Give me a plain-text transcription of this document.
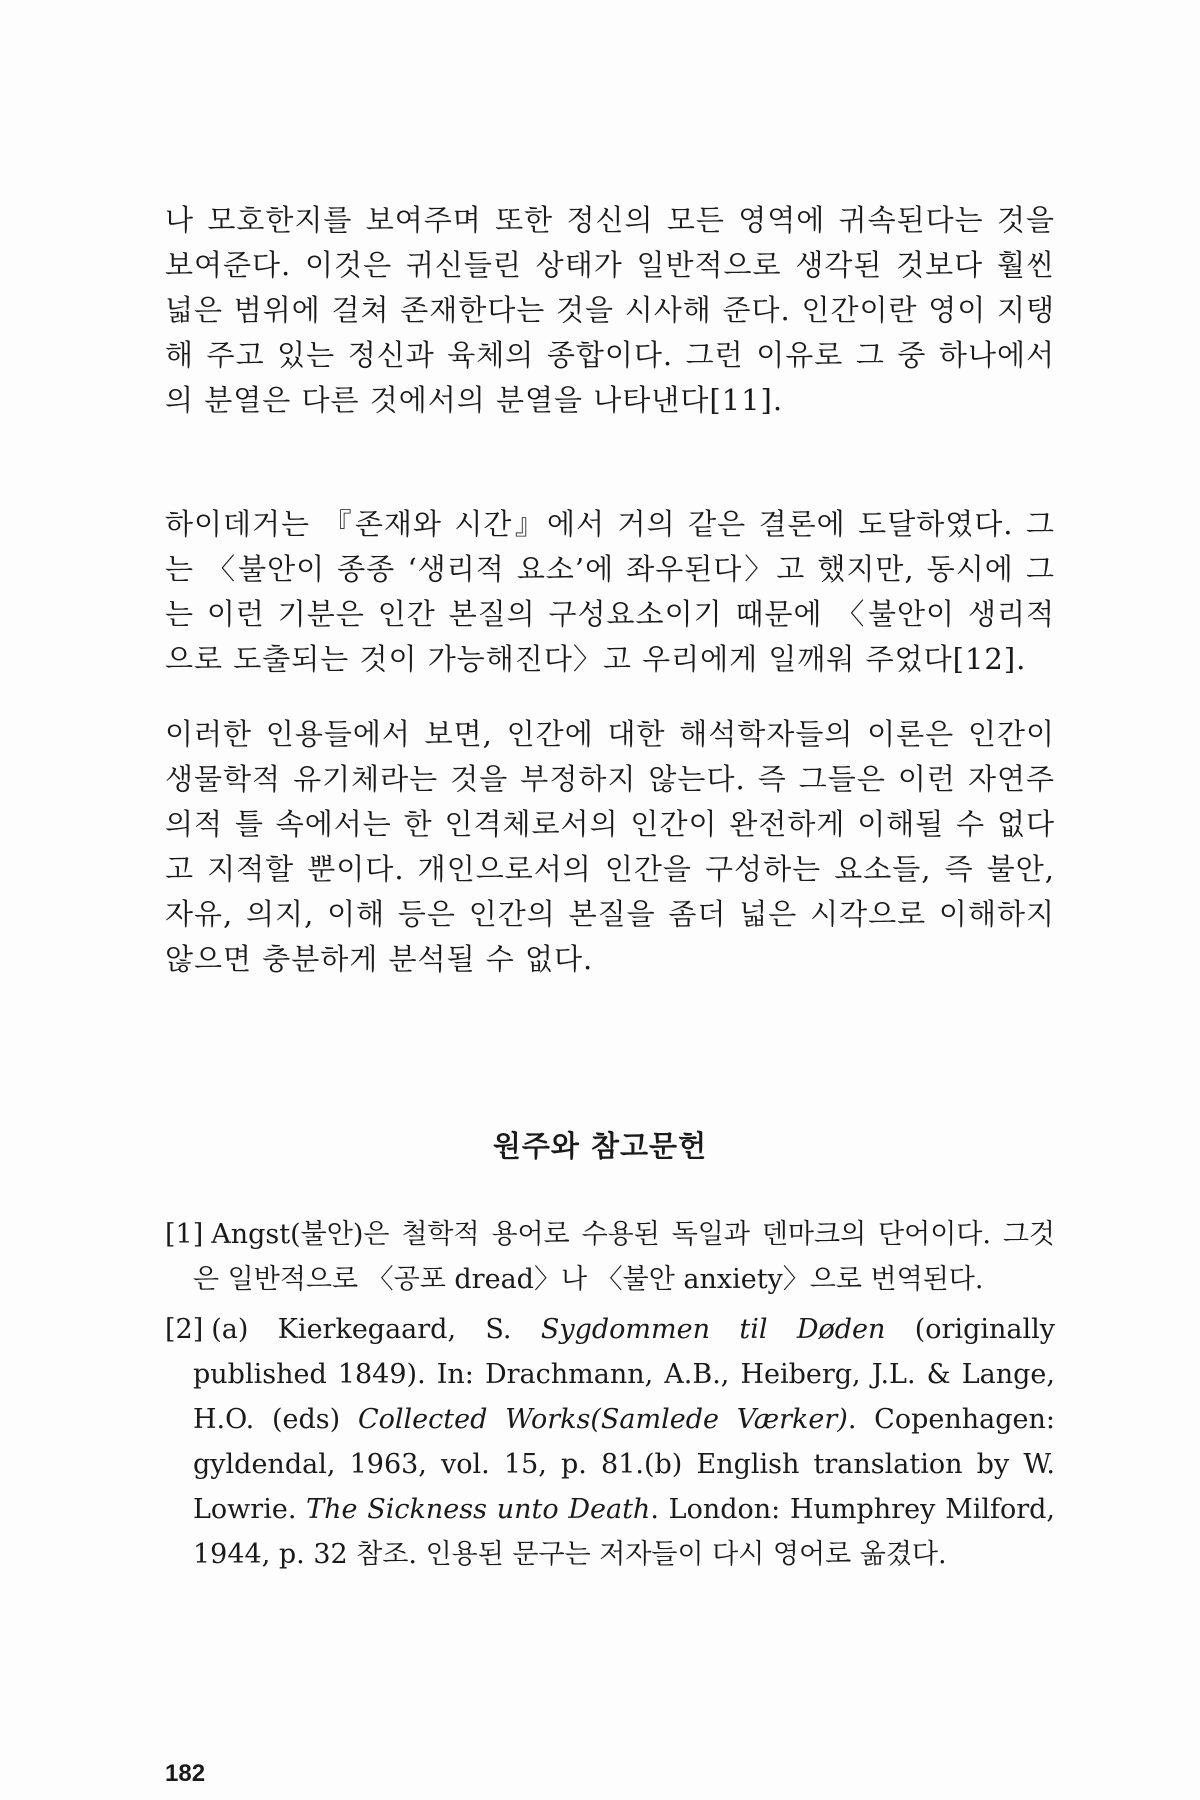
나 모호한지를 보여주며 또한 정신의 모든 영역에 귀속된다는 것을 보여준다. 이것은 귀신들린 상태가 일반적으로 생각된 것보다 훨씬 넓은 범위에 걸쳐 존재한다는 것을 시사해 준다. 인간이란 영이 지탱해 주고 있는 정신과 육체의 종합이다. 그런 이유로 그 중 하나에서의 분열은 다른 것에서의 분열을 나타낸다[11].

하이데거는 『존재와 시간』에서 거의 같은 결론에 도달하였다. 그는 〈불안이 종종 ‘생리적 요소’에 좌우된다〉고 했지만, 동시에 그는 이런 기분은 인간 본질의 구성요소이기 때문에 〈불안이 생리적으로 도출되는 것이 가능해진다〉고 우리에게 일깨워 주었다[12].

이러한 인용들에서 보면, 인간에 대한 해석학자들의 이론은 인간이 생물학적 유기체라는 것을 부정하지 않는다. 즉 그들은 이런 자연주의적 틀 속에서는 한 인격체로서의 인간이 완전하게 이해될 수 없다고 지적할 뿐이다. 개인으로서의 인간을 구성하는 요소들, 즉 불안, 자유, 의지, 이해 등은 인간의 본질을 좀더 넓은 시각으로 이해하지 않으면 충분하게 분석될 수 없다.

원주와 참고문헌
[1] Angst(불안)은 철학적 용어로 수용된 독일과 덴마크의 단어이다. 그것은 일반적으로 〈공포 dread〉나 〈불안 anxiety〉으로 번역된다.
[2] (a) Kierkegaard, S. Sygdommen til Døden (originally published 1849). In: Drachmann, A.B., Heiberg, J.L. & Lange, H.O. (eds) Collected Works(Samlede Værker). Copenhagen: gyldendal, 1963, vol. 15, p. 81.(b) English translation by W. Lowrie. The Sickness unto Death. London: Humphrey Milford, 1944, p. 32 참조. 인용된 문구는 저자들이 다시 영어로 옮겼다.

182
